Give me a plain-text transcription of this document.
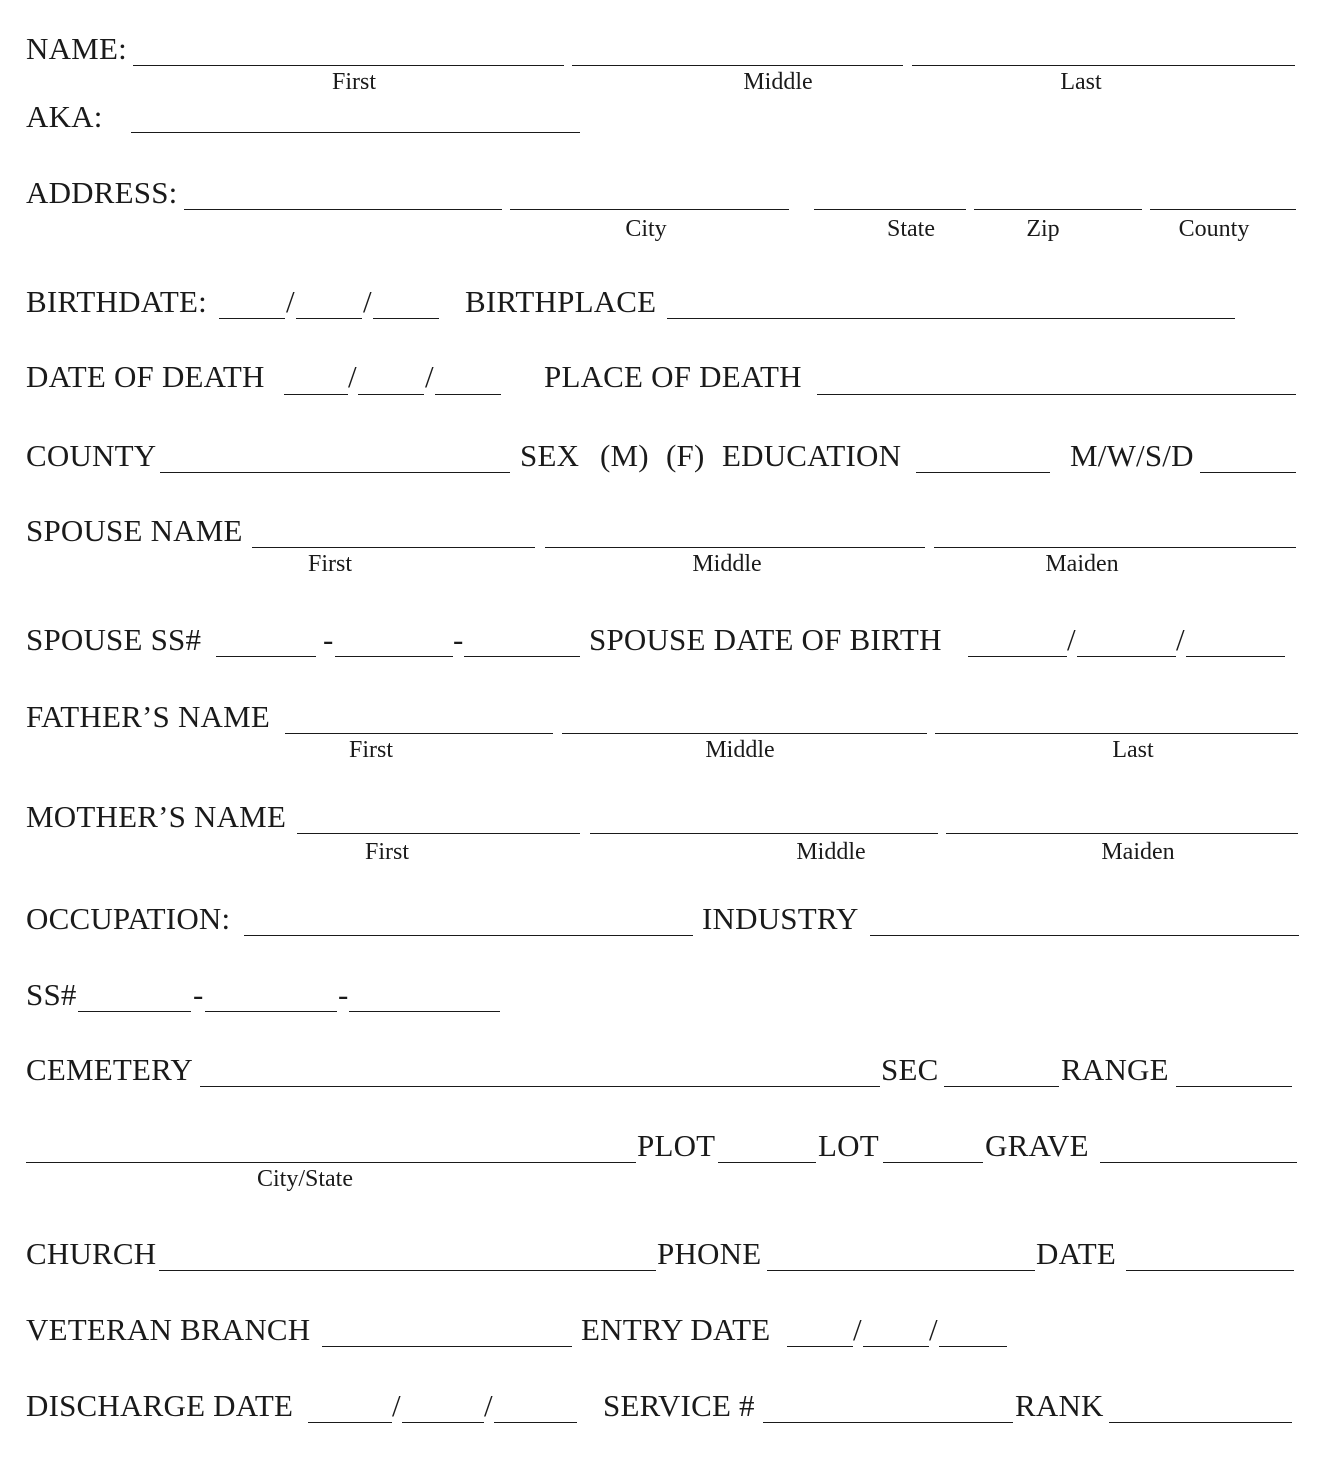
NAME:
First	Middle	Last
AKA:
ADDRESS:
City	State	Zip	County
BIRTHDATE:	/ /	BIRTHPLACE
DATE OF DEATH	/ /	PLACE OF DEATH
COUNTY	SEX (M) (F) EDUCATION	M/W/S/D
SPOUSE NAME
First	Middle	Maiden
SPOUSE SS#	-	-	SPOUSE DATE OF BIRTH	/	/
FATHER’S NAME
First	Middle	Last
MOTHER’S NAME
First	Middle	Maiden
OCCUPATION:	INDUSTRY
SS#	-	-
CEMETERY	SEC	RANGE
City/State
PLOT	LOT	GRAVE
CHURCH	PHONE	DATE
VETERAN BRANCH	ENTRY DATE	/ /
DISCHARGE DATE	/	/	SERVICE #	RANK
